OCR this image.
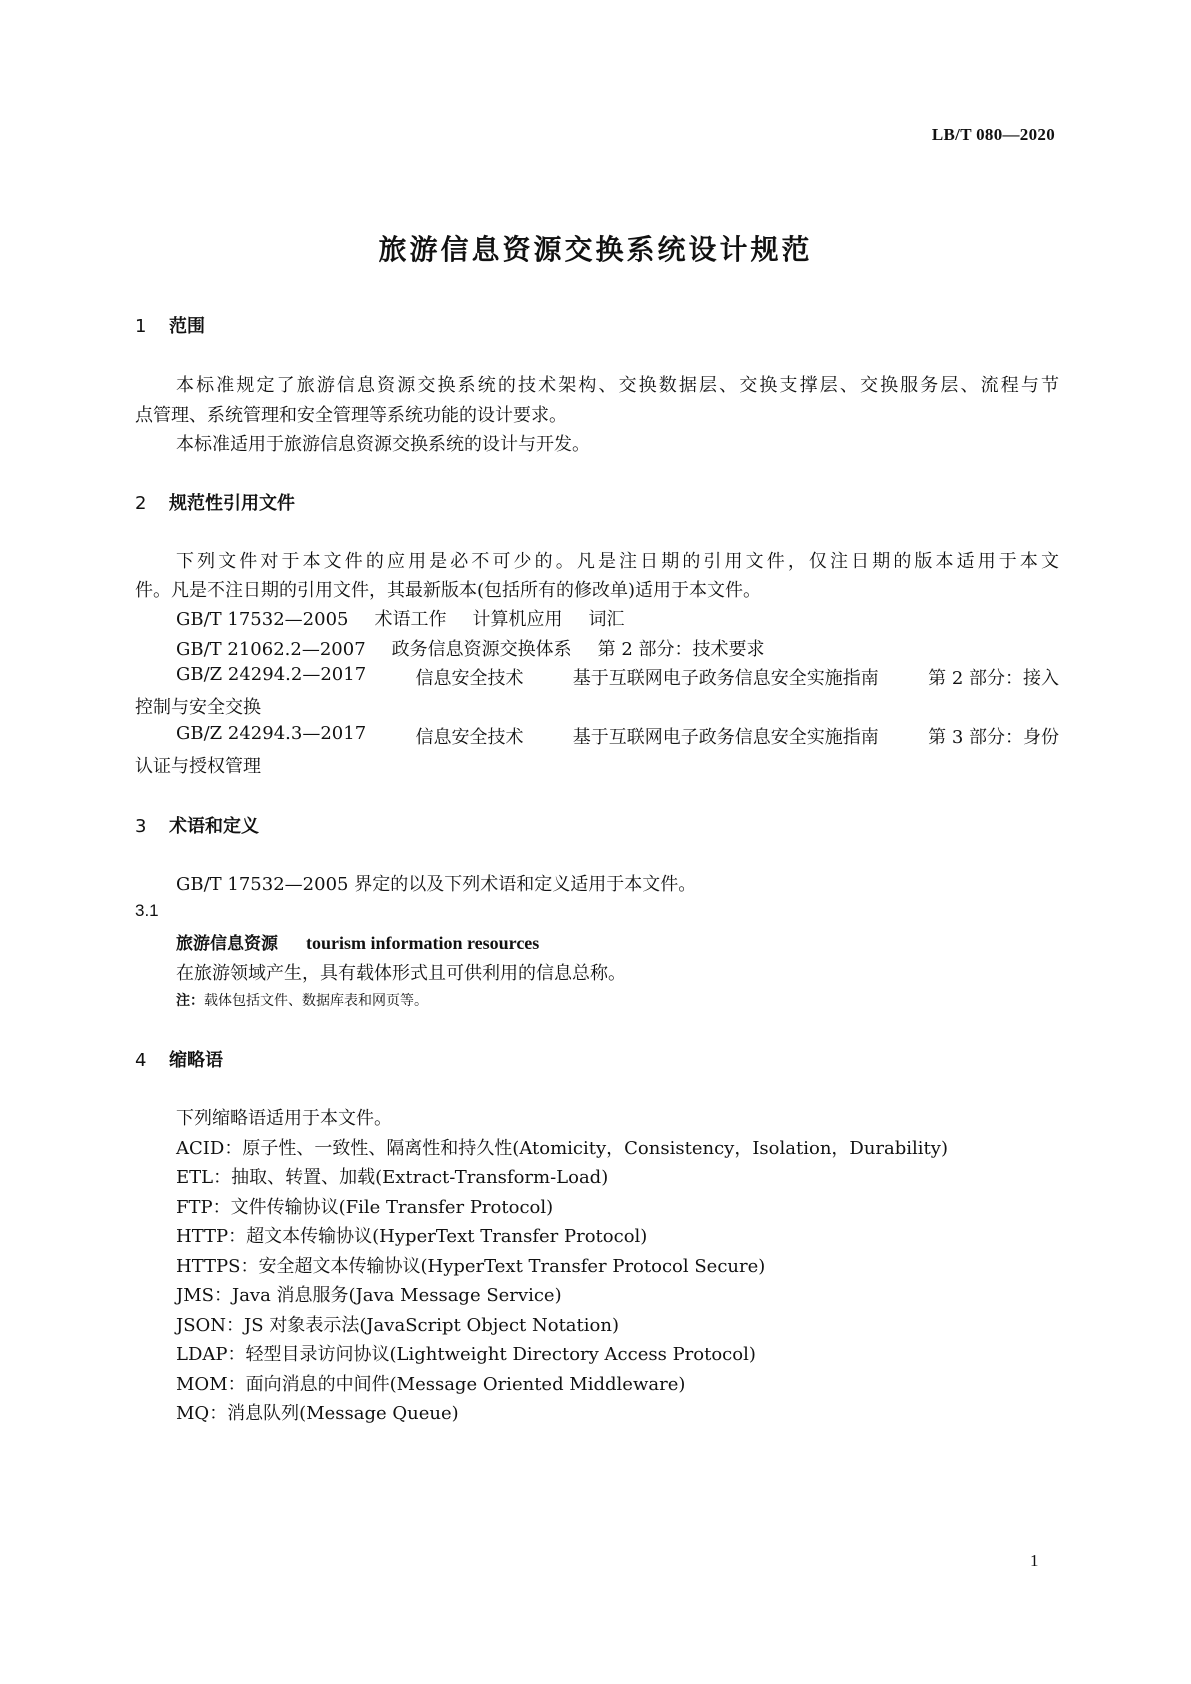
LB/T 080—2020
旅游信息资源交换系统设计规范
1 范围
本标准规定了旅游信息资源交换系统的技术架构、交换数据层、交换支撑层、交换服务层、流程与节
点管理、系统管理和安全管理等系统功能的设计要求。
本标准适用于旅游信息资源交换系统的设计与开发。
2 规范性引用文件
下列文件对于本文件的应用是必不可少的。凡是注日期的引用文件，仅注日期的版本适用于本文
件。凡是不注日期的引用文件，其最新版本(包括所有的修改单)适用于本文件。
GB/T 17532—2005 术语工作 计算机应用 词汇
GB/T 21062.2—2007 政务信息资源交换体系 第 2 部分：技术要求
GB/Z 24294.2—2017	信息安全技术	基于互联网电子政务信息安全实施指南	第 2 部分：接入
控制与安全交换
GB/Z 24294.3—2017	信息安全技术	基于互联网电子政务信息安全实施指南	第 3 部分：身份
认证与授权管理
3 术语和定义
GB/T 17532—2005 界定的以及下列术语和定义适用于本文件。
3.1
旅游信息资源 tourism information resources
在旅游领域产生，具有载体形式且可供利用的信息总称。
注：载体包括文件、数据库表和网页等。
4 缩略语
下列缩略语适用于本文件。
ACID：原子性、一致性、隔离性和持久性(Atomicity，Consistency，Isolation，Durability)
ETL：抽取、转置、加载(Extract-Transform-Load)
FTP：文件传输协议(File Transfer Protocol)
HTTP：超文本传输协议(HyperText Transfer Protocol)
HTTPS：安全超文本传输协议(HyperText Transfer Protocol Secure)
JMS：Java 消息服务(Java Message Service)
JSON：JS 对象表示法(JavaScript Object Notation)
LDAP：轻型目录访问协议(Lightweight Directory Access Protocol)
MOM：面向消息的中间件(Message Oriented Middleware)
MQ：消息队列(Message Queue)
1
